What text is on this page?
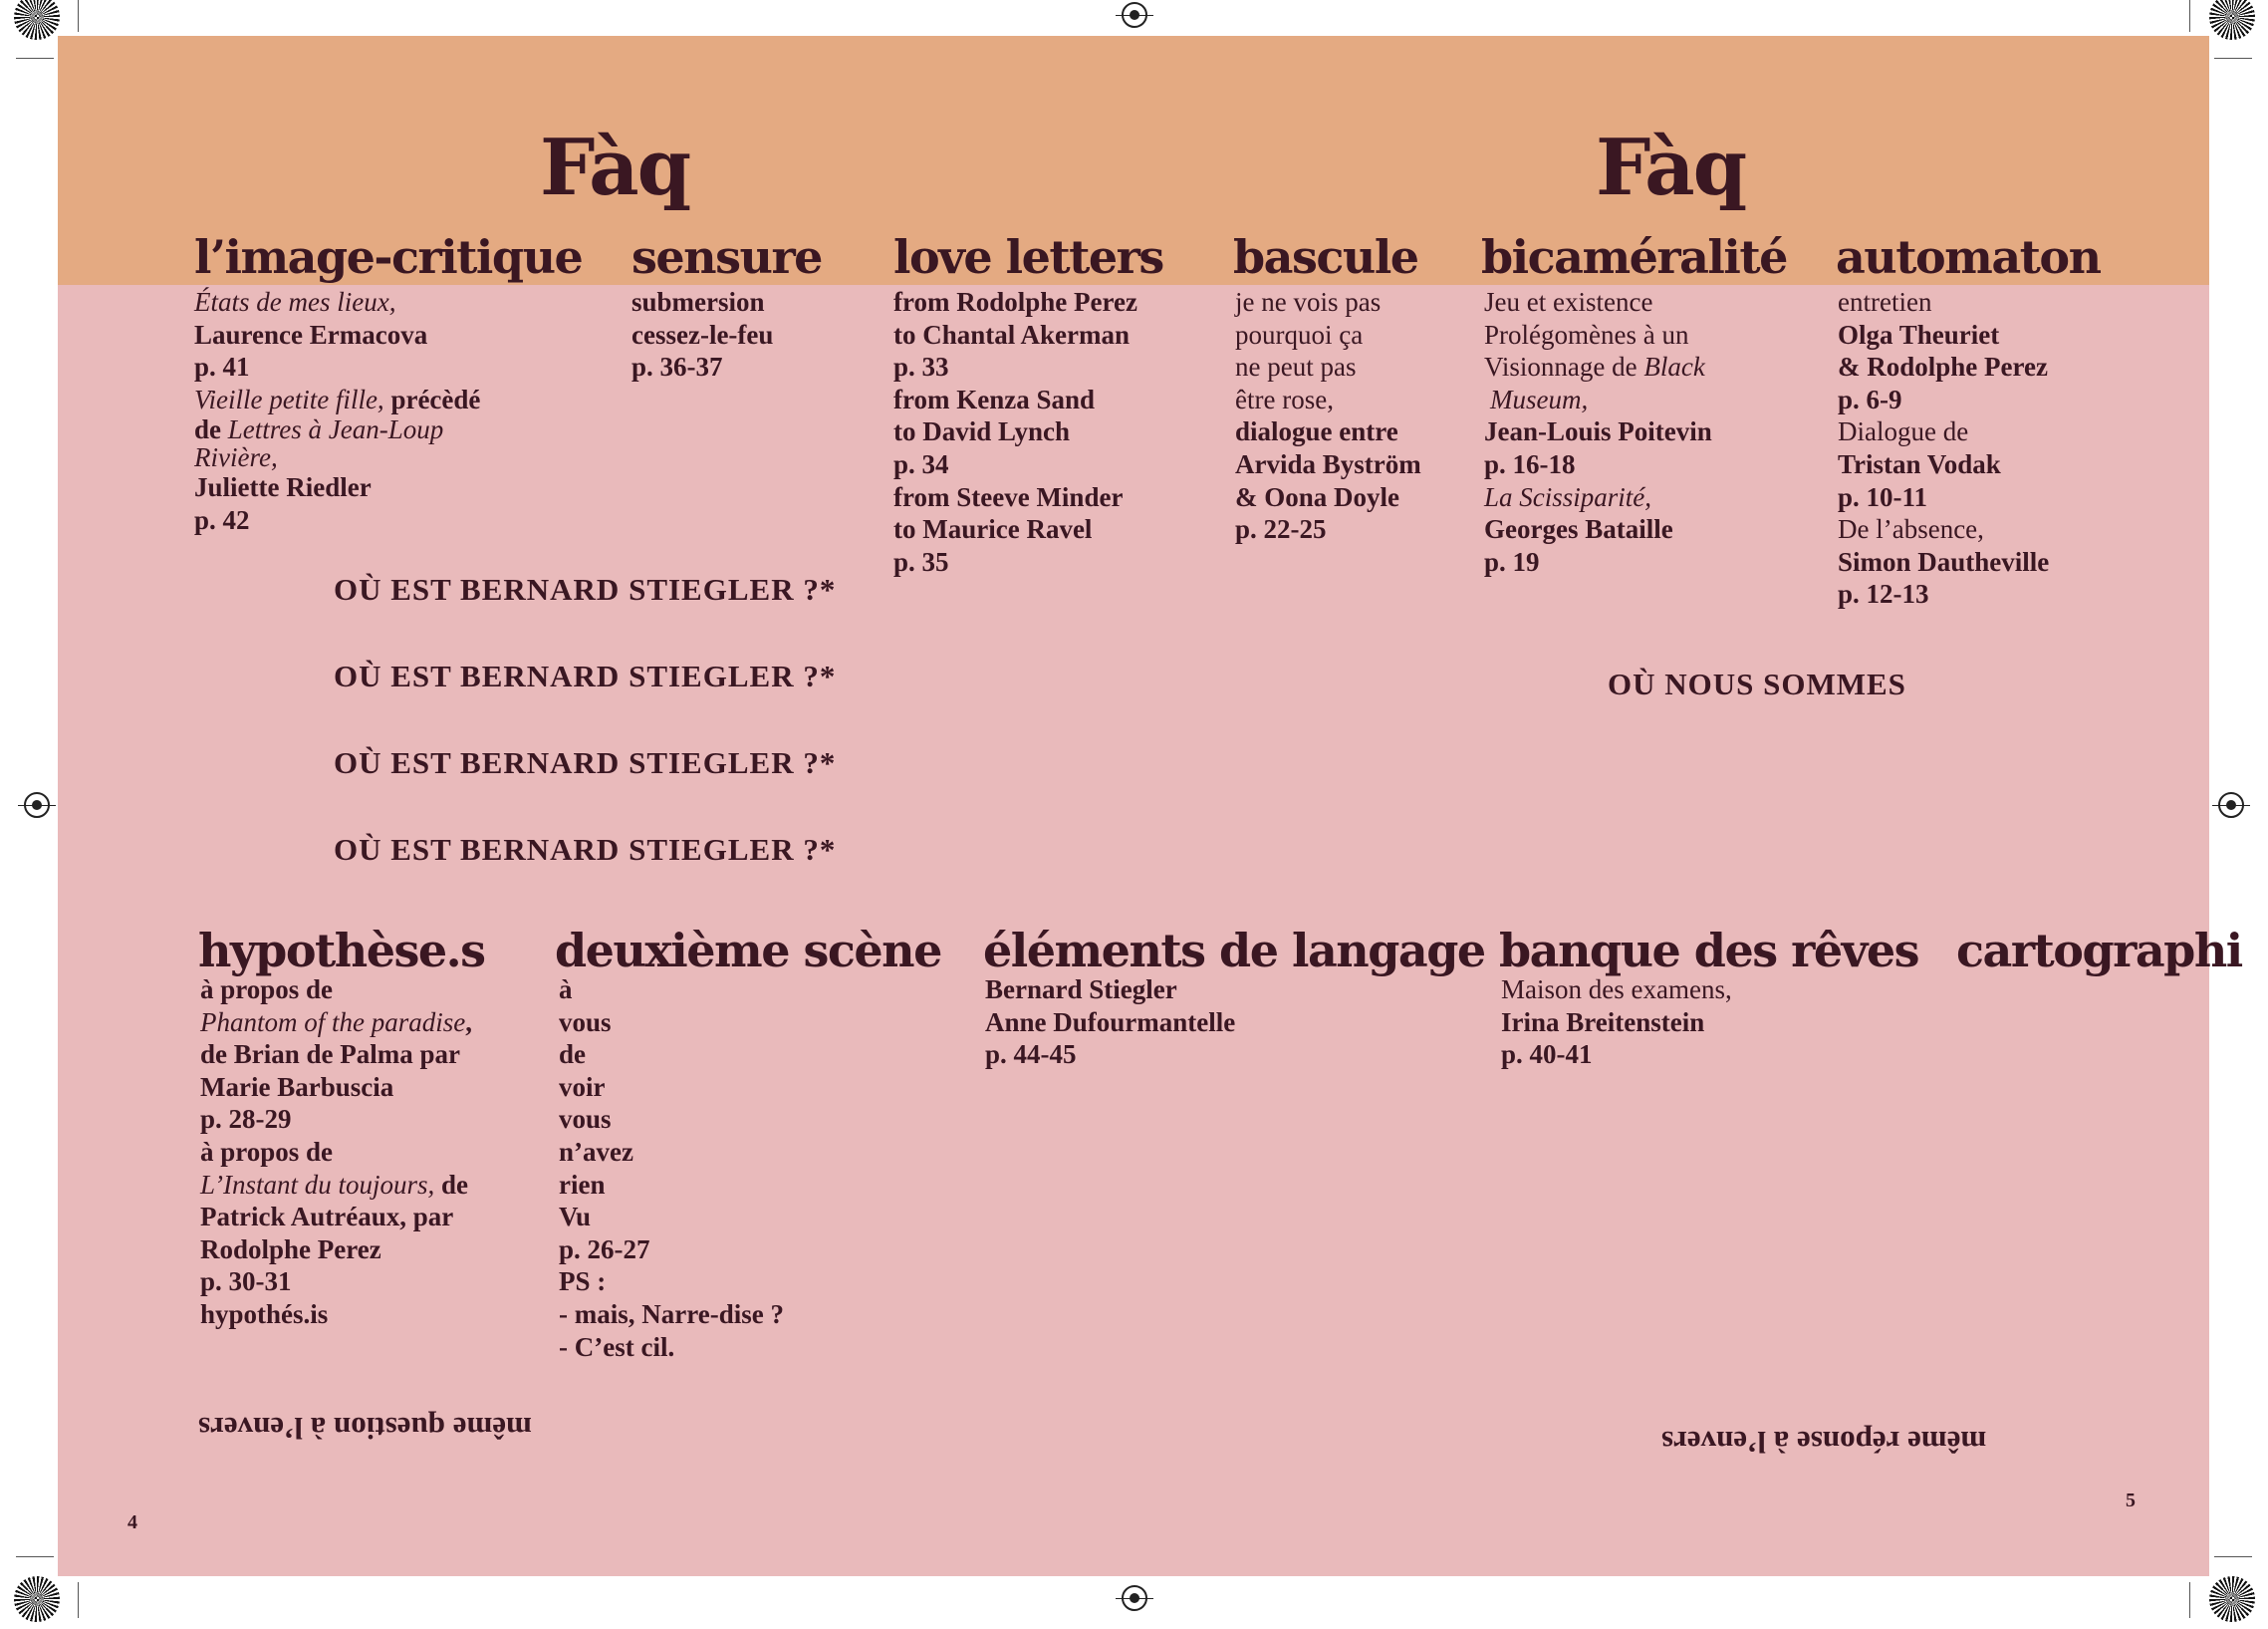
Fàq	Fàq
l’image-critique sensure love letters bascule bicaméralité automaton
États de mes lieux,
Laurence Ermacova
p. 41
Vieille petite fille, précèdé
de Lettres à Jean-Loup
Rivière,
Juliette Riedler
p. 42
submersion
cessez-le-feu
p. 36-37
from Rodolphe Perez
to Chantal Akerman
p. 33
from Kenza Sand
to David Lynch
p. 34
from Steeve Minder
to Maurice Ravel
p. 35
je ne vois pas
pourquoi ça
ne peut pas
être rose,
dialogue entre
Arvida Byström
& Oona Doyle
p. 22-25
Jeu et existence
Prolégomènes à un
Visionnage de Black
Museum,
Jean-Louis Poitevin
p. 16-18
La Scissiparité,
Georges Bataille
p. 19
entretien
Olga Theuriet
& Rodolphe Perez
p. 6-9
Dialogue de
Tristan Vodak
p. 10-11
De l’absence,
Simon Dautheville
p. 12-13
OÙ EST BERNARD STIEGLER ?*
OÙ EST BERNARD STIEGLER ?*
OÙ EST BERNARD STIEGLER ?*
OÙ EST BERNARD STIEGLER ?*
OÙ NOUS SOMMES
hypothèse.s deuxième scène éléments de langage banque des rêves cartographi
à propos de
Phantom of the paradise,
de Brian de Palma par
Marie Barbuscia
p. 28-29
à propos de
L’Instant du toujours, de
Patrick Autréaux, par
Rodolphe Perez
p. 30-31
hypothés.is
à
vous
de
voir
vous
n’avez
rien
Vu
p. 26-27
PS :
- mais, Narre-dise ?
- C’est cil.
Bernard Stiegler
Anne Dufourmantelle
p. 44-45
Maison des examens,
Irina Breitenstein
p. 40-41
même question à l’envers	même réponse à l’envers
4
5
